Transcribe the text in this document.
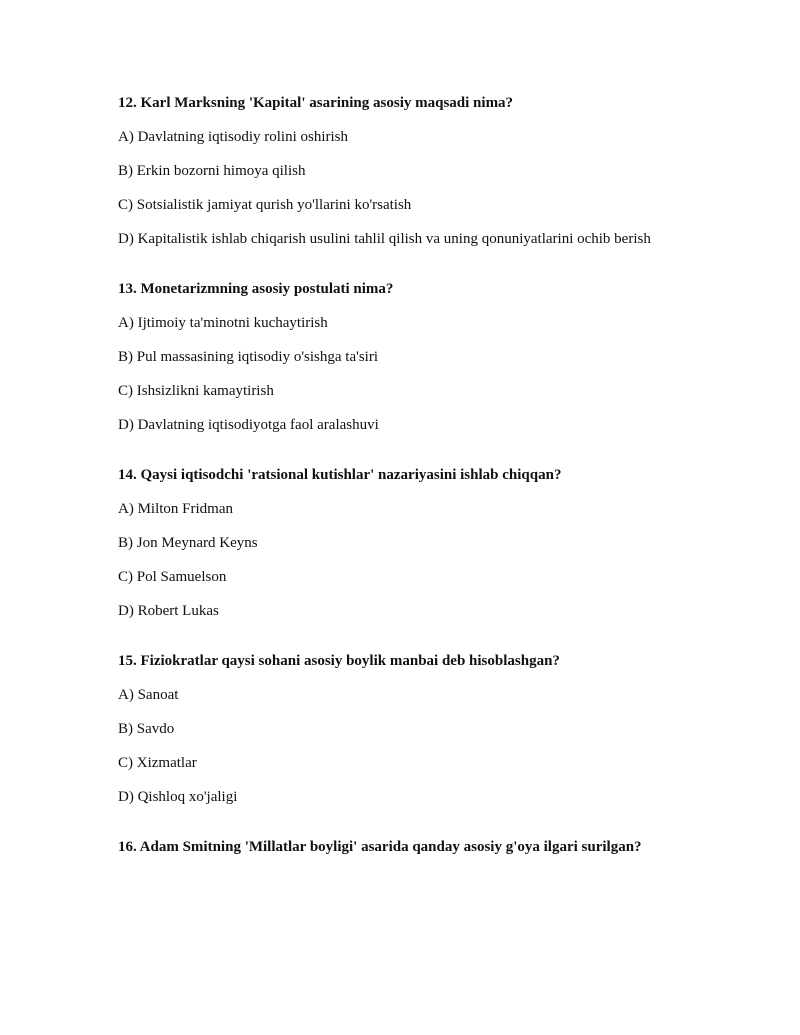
12. Karl Marksning 'Kapital' asarining asosiy maqsadi nima?
A) Davlatning iqtisodiy rolini oshirish
B) Erkin bozorni himoya qilish
C) Sotsialistik jamiyat qurish yo'llarini ko'rsatish
D) Kapitalistik ishlab chiqarish usulini tahlil qilish va uning qonuniyatlarini ochib berish
13. Monetarizmning asosiy postulati nima?
A) Ijtimoiy ta'minotni kuchaytirish
B) Pul massasining iqtisodiy o'sishga ta'siri
C) Ishsizlikni kamaytirish
D) Davlatning iqtisodiyotga faol aralashuvi
14. Qaysi iqtisodchi 'ratsional kutishlar' nazariyasini ishlab chiqqan?
A) Milton Fridman
B) Jon Meynard Keyns
C) Pol Samuelson
D) Robert Lukas
15. Fiziokratlar qaysi sohani asosiy boylik manbai deb hisoblashgan?
A) Sanoat
B) Savdo
C) Xizmatlar
D) Qishloq xo'jaligi
16. Adam Smitning 'Millatlar boyligi' asarida qanday asosiy g'oya ilgari surilgan?
